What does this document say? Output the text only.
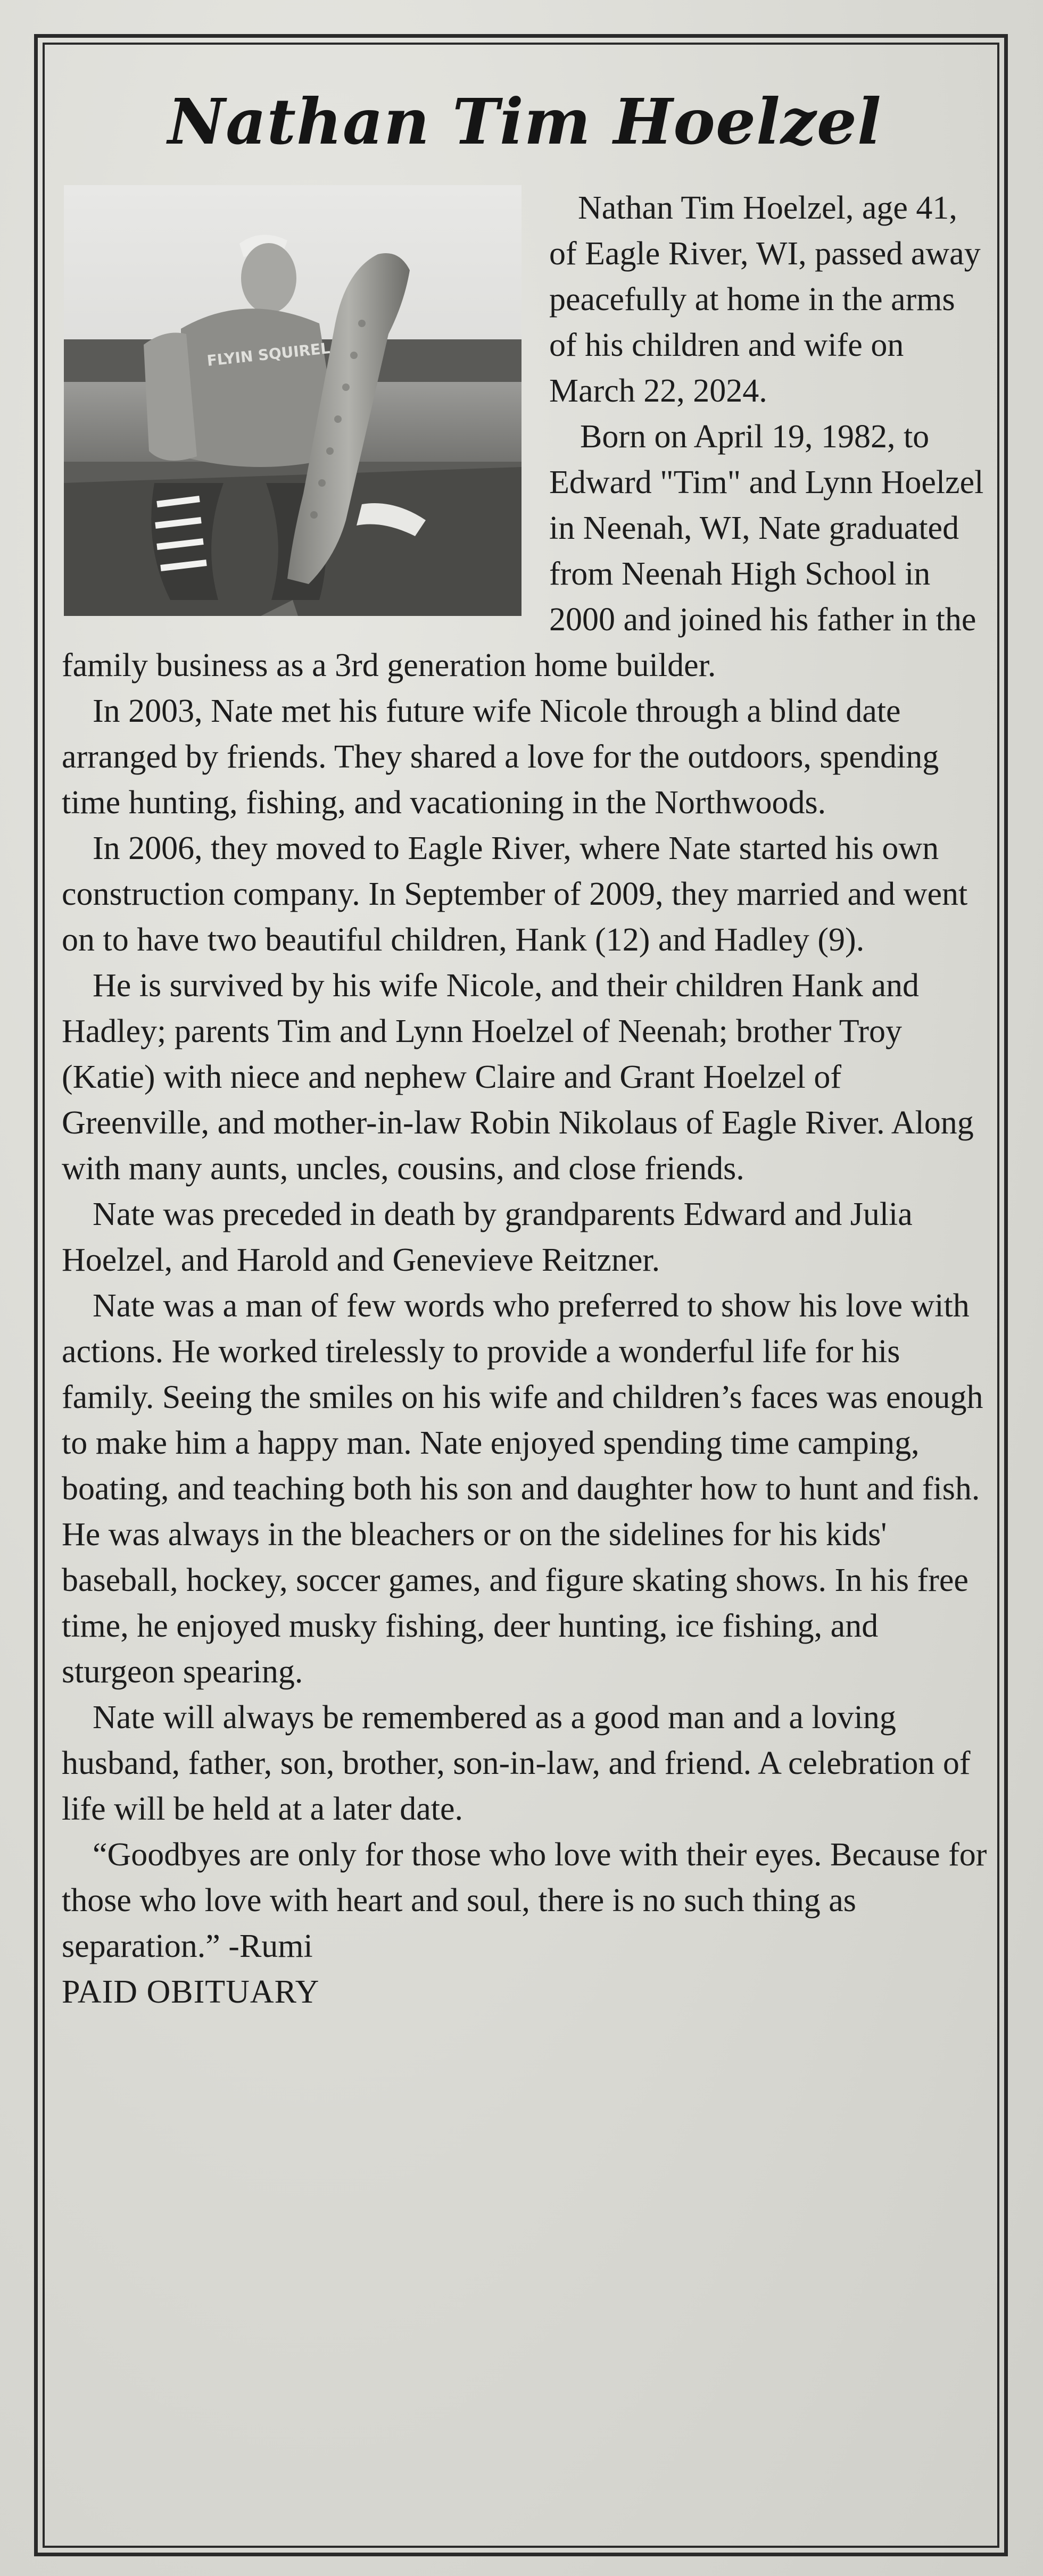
Nathan Tim Hoelzel
FLYIN SQUIREL

Nathan Tim Hoelzel, age 41, of Eagle River, WI, passed away peacefully at home in the arms of his children and wife on March 22, 2024.

Born on April 19, 1982, to Edward "Tim" and Lynn Hoelzel in Neenah, WI, Nate graduated from Neenah High School in 2000 and joined his father in the family business as a 3rd generation home builder.

In 2003, Nate met his future wife Nicole through a blind date arranged by friends. They shared a love for the outdoors, spending time hunting, fishing, and vacationing in the Northwoods.

In 2006, they moved to Eagle River, where Nate started his own construction company. In September of 2009, they married and went on to have two beautiful children, Hank (12) and Hadley (9).

He is survived by his wife Nicole, and their children Hank and Hadley; parents Tim and Lynn Hoelzel of Neenah; brother Troy (Katie) with niece and nephew Claire and Grant Hoelzel of Greenville, and mother-in-law Robin Nikolaus of Eagle River. Along with many aunts, uncles, cousins, and close friends.

Nate was preceded in death by grandparents Edward and Julia Hoelzel, and Harold and Genevieve Reitzner.

Nate was a man of few words who preferred to show his love with actions. He worked tirelessly to provide a wonderful life for his family. Seeing the smiles on his wife and children’s faces was enough to make him a happy man. Nate enjoyed spending time camping, boating, and teaching both his son and daughter how to hunt and fish. He was always in the bleachers or on the sidelines for his kids' baseball, hockey, soccer games, and figure skating shows. In his free time, he enjoyed musky fishing, deer hunting, ice fishing, and sturgeon spearing.

Nate will always be remembered as a good man and a loving husband, father, son, brother, son-in-law, and friend. A celebration of life will be held at a later date.

“Goodbyes are only for those who love with their eyes. Because for those who love with heart and soul, there is no such thing as separation.” -Rumi

PAID OBITUARY
